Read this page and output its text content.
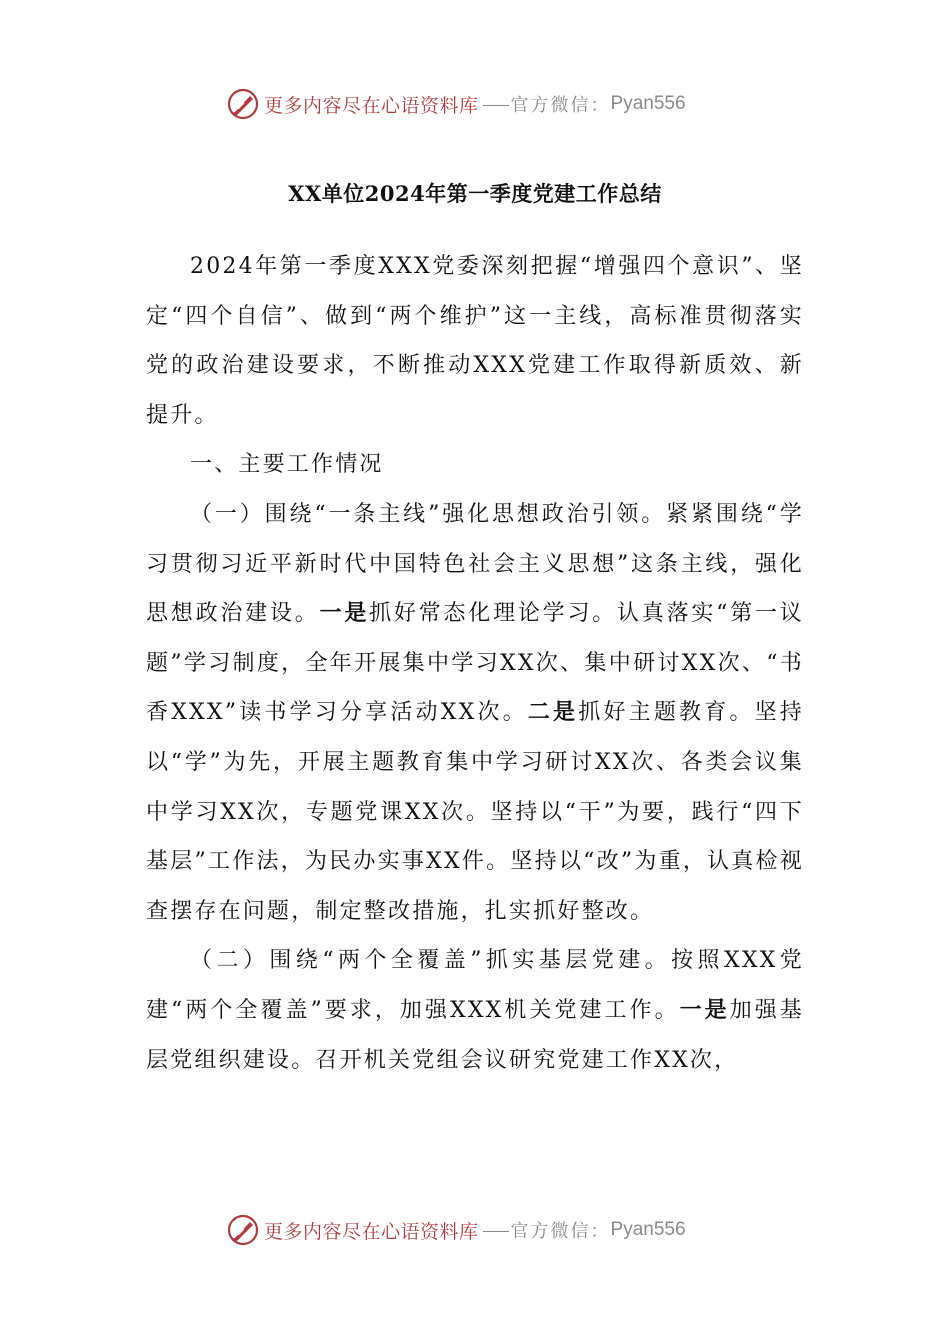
更多内容尽在心语资料库 官方微信： Pyan556
XX单位2024年第一季度党建工作总结

2024年第一季度XXX党委深刻把握“增强四个意识”、坚定“四个自信”、做到“两个维护”这一主线，高标准贯彻落实党的政治建设要求，不断推动XXX党建工作取得新质效、新提升。

一、主要工作情况

（一）围绕“一条主线”强化思想政治引领。紧紧围绕“学习贯彻习近平新时代中国特色社会主义思想”这条主线，强化思想政治建设。一是抓好常态化理论学习。认真落实“第一议题”学习制度，全年开展集中学习XX次、集中研讨XX次、“书香XXX”读书学习分享活动XX次。二是抓好主题教育。坚持以“学”为先，开展主题教育集中学习研讨XX次、各类会议集中学习XX次，专题党课XX次。坚持以“干”为要，践行“四下基层”工作法，为民办实事XX件。坚持以“改”为重，认真检视查摆存在问题，制定整改措施，扎实抓好整改。

（二）围绕“两个全覆盖”抓实基层党建。按照XXX党建“两个全覆盖”要求，加强XXX机关党建工作。一是加强基层党组织建设。召开机关党组会议研究党建工作XX次，

更多内容尽在心语资料库 官方微信： Pyan556
